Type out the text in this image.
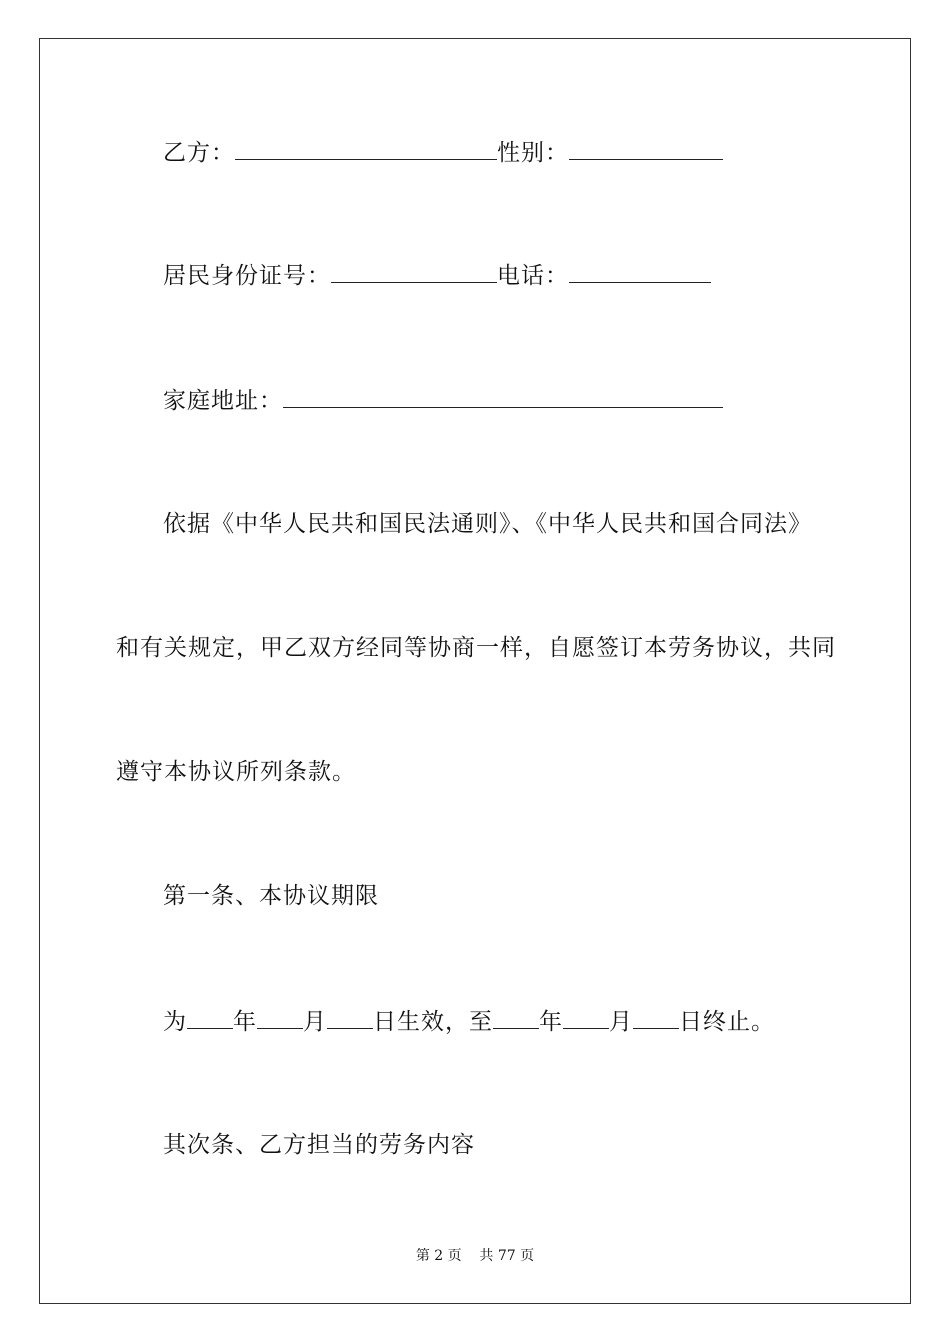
乙方：	性别：
居民身份证号：	电话：
家庭地址：
依据《中华人民共和国民法通则》、《中华人民共和国合同法》
和有关规定，甲乙双方经同等协商一样，自愿签订本劳务协议，共同
遵守本协议所列条款。
第一条、本协议期限
为 年 月 日生效，至 年 月 日终止。
其次条、乙方担当的劳务内容
第 2 页    共 77 页
